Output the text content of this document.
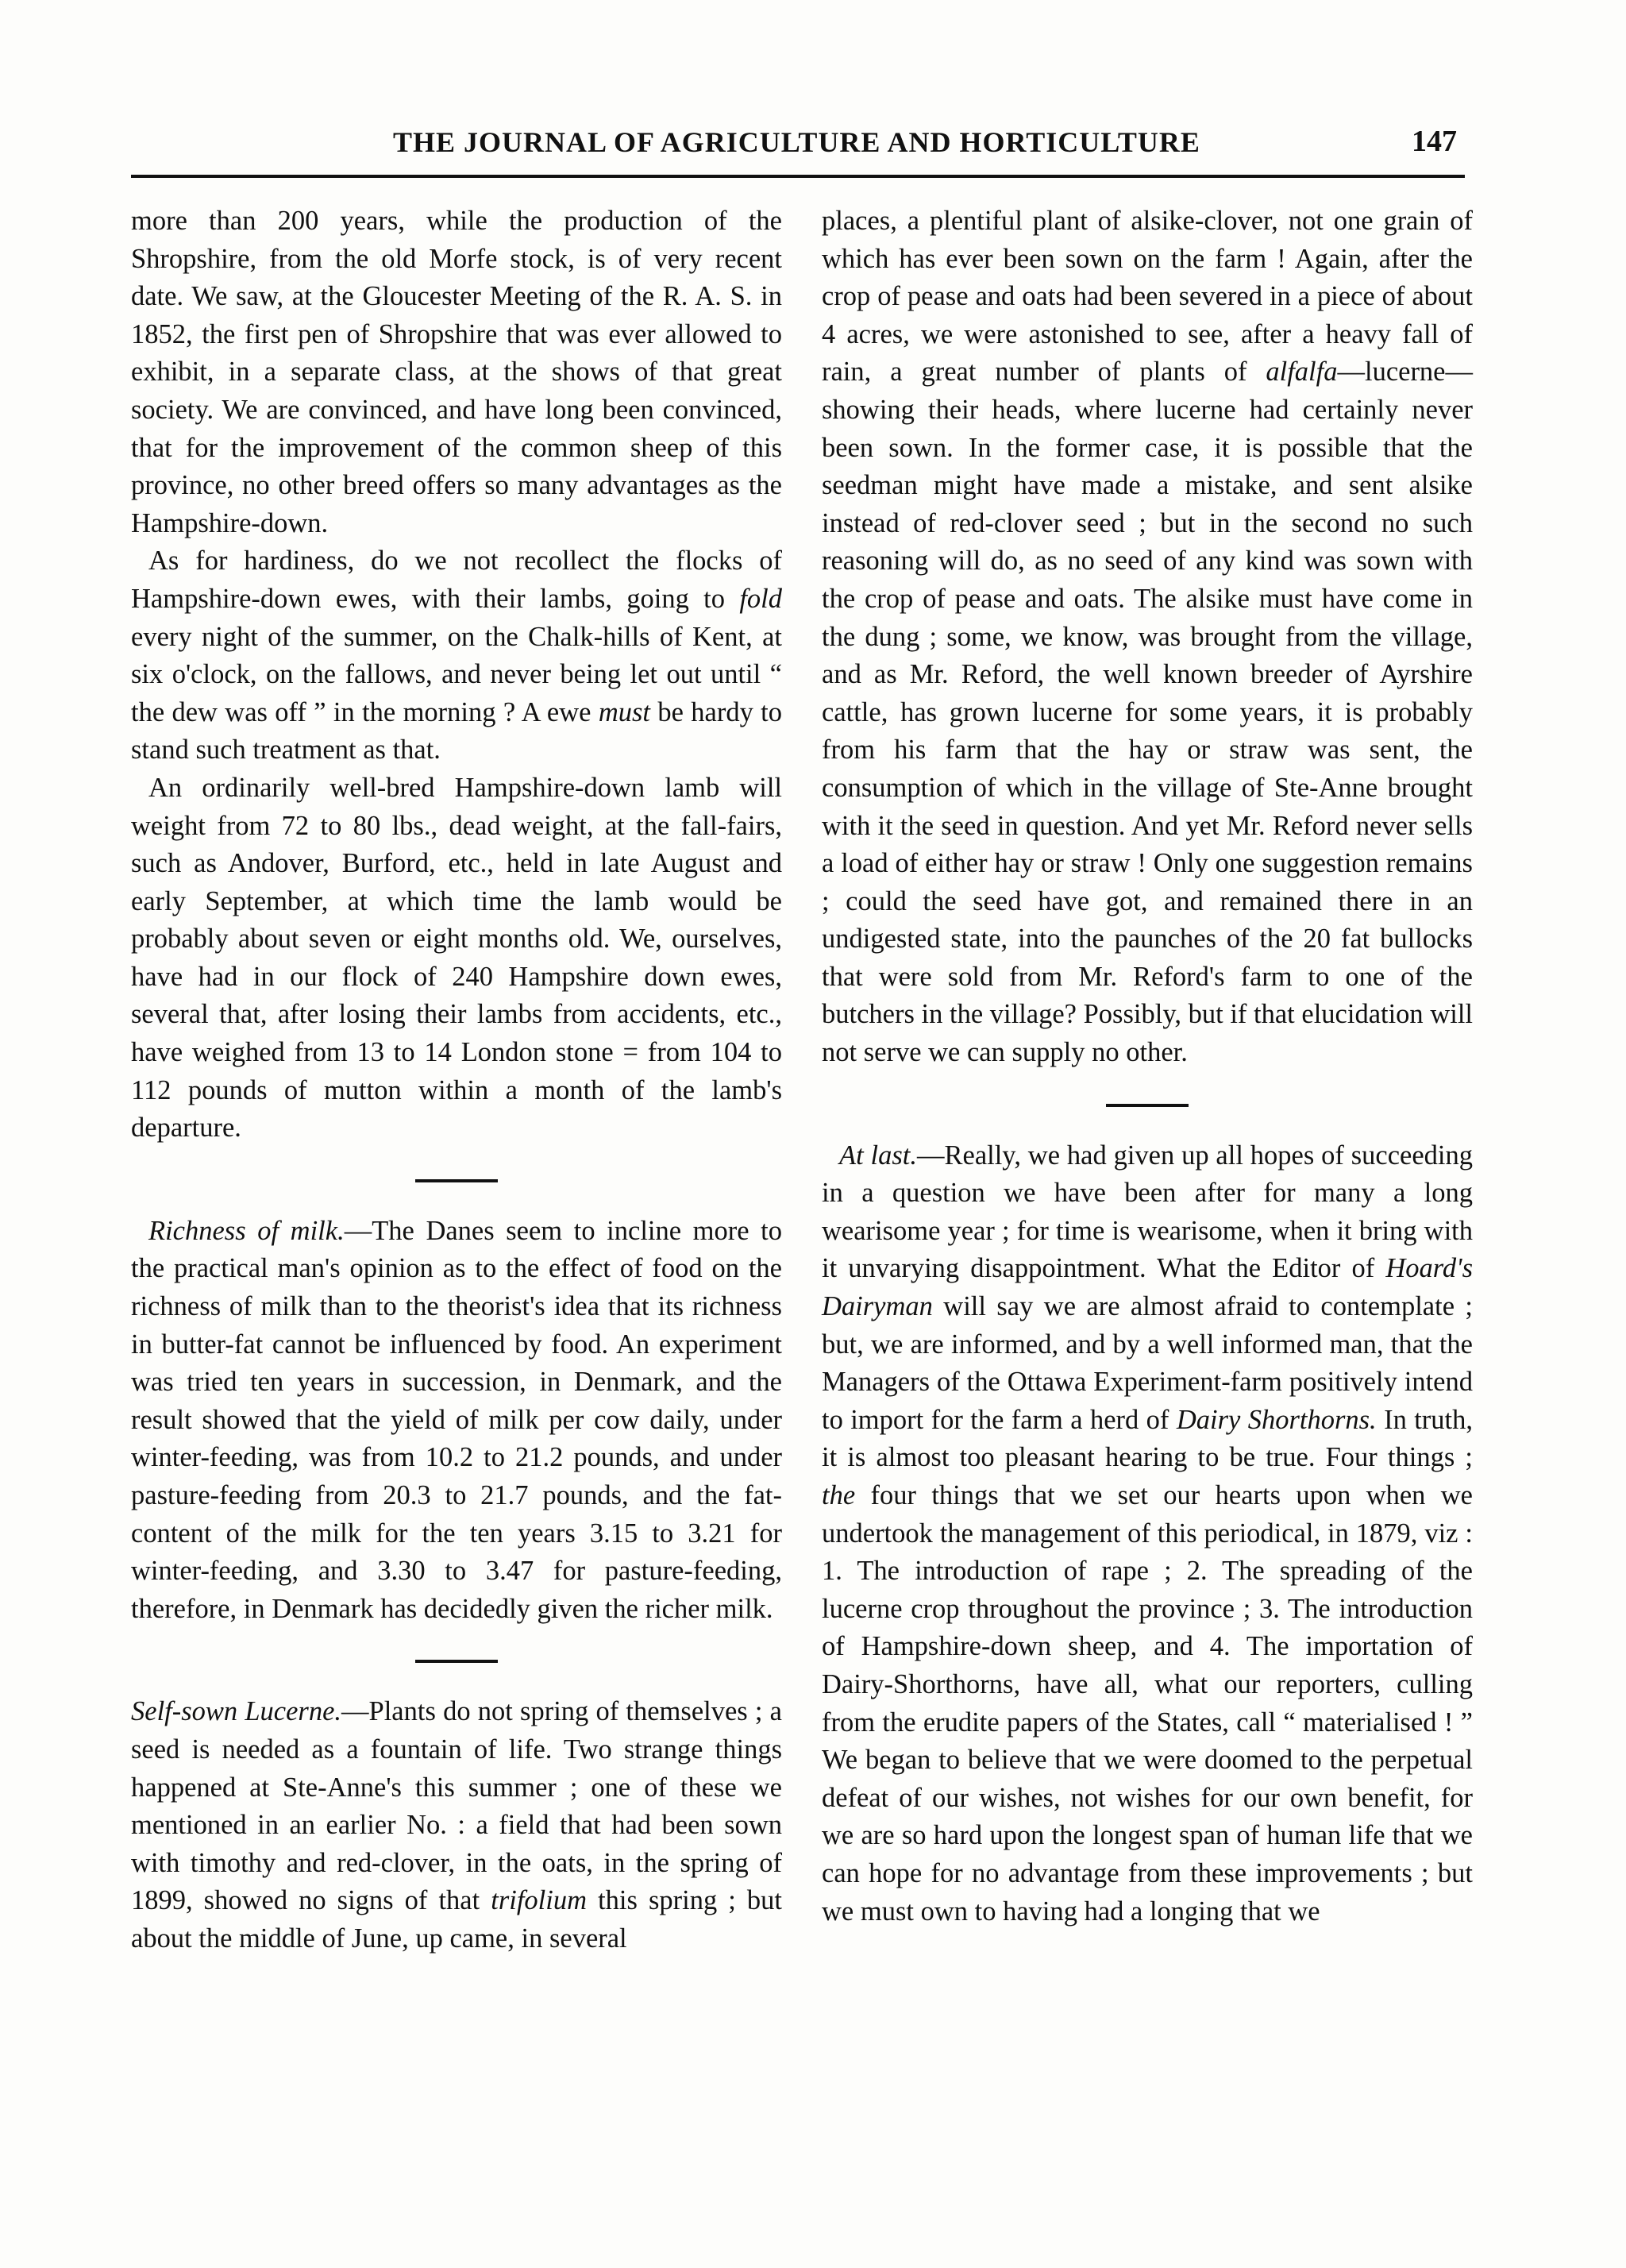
THE JOURNAL OF AGRICULTURE AND HORTICULTURE	147

more than 200 years, while the production of the Shropshire, from the old Morfe stock, is of very recent date. We saw, at the Gloucester Meeting of the R. A. S. in 1852, the first pen of Shropshire that was ever allowed to exhibit, in a separate class, at the shows of that great society. We are convinced, and have long been convinced, that for the improvement of the common sheep of this province, no other breed offers so many advantages as the Hampshire-down.

As for hardiness, do we not recollect the flocks of Hampshire-down ewes, with their lambs, going to fold every night of the summer, on the Chalk-hills of Kent, at six o'clock, on the fallows, and never being let out until “ the dew was off ” in the morning ? A ewe must be hardy to stand such treatment as that.

An ordinarily well-bred Hampshire-down lamb will weight from 72 to 80 lbs., dead weight, at the fall-fairs, such as Andover, Burford, etc., held in late August and early September, at which time the lamb would be probably about seven or eight months old. We, ourselves, have had in our flock of 240 Hampshire down ewes, several that, after losing their lambs from accidents, etc., have weighed from 13 to 14 London stone = from 104 to 112 pounds of mutton within a month of the lamb's departure.

Richness of milk.—The Danes seem to incline more to the practical man's opinion as to the effect of food on the richness of milk than to the theorist's idea that its richness in butter-fat cannot be influenced by food. An experiment was tried ten years in succession, in Denmark, and the result showed that the yield of milk per cow daily, under winter-feeding, was from 10.2 to 21.2 pounds, and under pasture-feeding from 20.3 to 21.7 pounds, and the fat-content of the milk for the ten years 3.15 to 3.21 for winter-feeding, and 3.30 to 3.47 for pasture-feeding, therefore, in Denmark has decidedly given the richer milk.

Self-sown Lucerne.—Plants do not spring of themselves ; a seed is needed as a fountain of life. Two strange things happened at Ste-Anne's this summer ; one of these we mentioned in an earlier No. : a field that had been sown with timothy and red-clover, in the oats, in the spring of 1899, showed no signs of that trifolium this spring ; but about the middle of June, up came, in several

places, a plentiful plant of alsike-clover, not one grain of which has ever been sown on the farm ! Again, after the crop of pease and oats had been severed in a piece of about 4 acres, we were astonished to see, after a heavy fall of rain, a great number of plants of alfalfa—lucerne—showing their heads, where lucerne had certainly never been sown. In the former case, it is possible that the seedman might have made a mistake, and sent alsike instead of red-clover seed ; but in the second no such reasoning will do, as no seed of any kind was sown with the crop of pease and oats. The alsike must have come in the dung ; some, we know, was brought from the village, and as Mr. Reford, the well known breeder of Ayrshire cattle, has grown lucerne for some years, it is probably from his farm that the hay or straw was sent, the consumption of which in the village of Ste-Anne brought with it the seed in question. And yet Mr. Reford never sells a load of either hay or straw ! Only one suggestion remains ; could the seed have got, and remained there in an undigested state, into the paunches of the 20 fat bullocks that were sold from Mr. Reford's farm to one of the butchers in the village? Possibly, but if that elucidation will not serve we can supply no other.

At last.—Really, we had given up all hopes of succeeding in a question we have been after for many a long wearisome year ; for time is wearisome, when it bring with it unvarying disappointment. What the Editor of Hoard's Dairyman will say we are almost afraid to contemplate ; but, we are informed, and by a well informed man, that the Managers of the Ottawa Experiment-farm positively intend to import for the farm a herd of Dairy Shorthorns. In truth, it is almost too pleasant hearing to be true. Four things ; the four things that we set our hearts upon when we undertook the management of this periodical, in 1879, viz : 1. The introduction of rape ; 2. The spreading of the lucerne crop throughout the province ; 3. The introduction of Hampshire-down sheep, and 4. The importation of Dairy-Shorthorns, have all, what our reporters, culling from the erudite papers of the States, call “ materialised ! ” We began to believe that we were doomed to the perpetual defeat of our wishes, not wishes for our own benefit, for we are so hard upon the longest span of human life that we can hope for no advantage from these improvements ; but we must own to having had a longing that we
